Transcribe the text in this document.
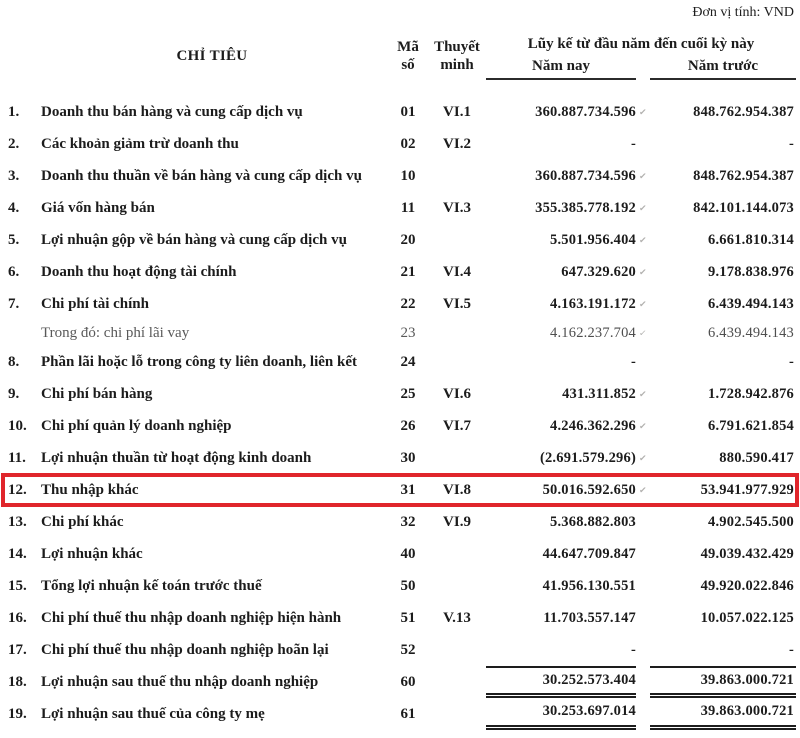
Đơn vị tính: VND
CHỈ TIÊU
Mã
số
Thuyết
minh
Lũy kế từ đầu năm đến cuối kỳ này
Năm nay	Năm trước
1.	Doanh thu bán hàng và cung cấp dịch vụ	01	VI.1	360.887.734.596 ✓	848.762.954.387
2.	Các khoản giảm trừ doanh thu	02	VI.2	-	-
3.	Doanh thu thuần về bán hàng và cung cấp dịch vụ	10	360.887.734.596 ✓	848.762.954.387
4.	Giá vốn hàng bán	11	VI.3	355.385.778.192 ✓	842.101.144.073
5.	Lợi nhuận gộp về bán hàng và cung cấp dịch vụ	20	5.501.956.404 ✓	6.661.810.314
6.	Doanh thu hoạt động tài chính	21	VI.4	647.329.620 ✓	9.178.838.976
7.	Chi phí tài chính	22	VI.5	4.163.191.172 ✓	6.439.494.143
Trong đó: chi phí lãi vay	23	4.162.237.704 ✓	6.439.494.143
8.	Phần lãi hoặc lỗ trong công ty liên doanh, liên kết	24	-	-
9.	Chi phí bán hàng	25	VI.6	431.311.852 ✓	1.728.942.876
10. Chi phí quản lý doanh nghiệp	26	VI.7	4.246.362.296 ✓	6.791.621.854
11.	Lợi nhuận thuần từ hoạt động kinh doanh	30	(2.691.579.296) ✓	880.590.417
12. Thu nhập khác	31	VI.8	50.016.592.650 ✓	53.941.977.929
13. Chi phí khác	32	VI.9	5.368.882.803	4.902.545.500
14. Lợi nhuận khác	40	44.647.709.847	49.039.432.429
15. Tổng lợi nhuận kế toán trước thuế	50	41.956.130.551	49.920.022.846
16. Chi phí thuế thu nhập doanh nghiệp hiện hành	51	V.13	11.703.557.147	10.057.022.125
17. Chi phí thuế thu nhập doanh nghiệp hoãn lại	52	-	-
18. Lợi nhuận sau thuế thu nhập doanh nghiệp	60	30.252.573.404	39.863.000.721
19. Lợi nhuận sau thuế của công ty mẹ	61	30.253.697.014	39.863.000.721
